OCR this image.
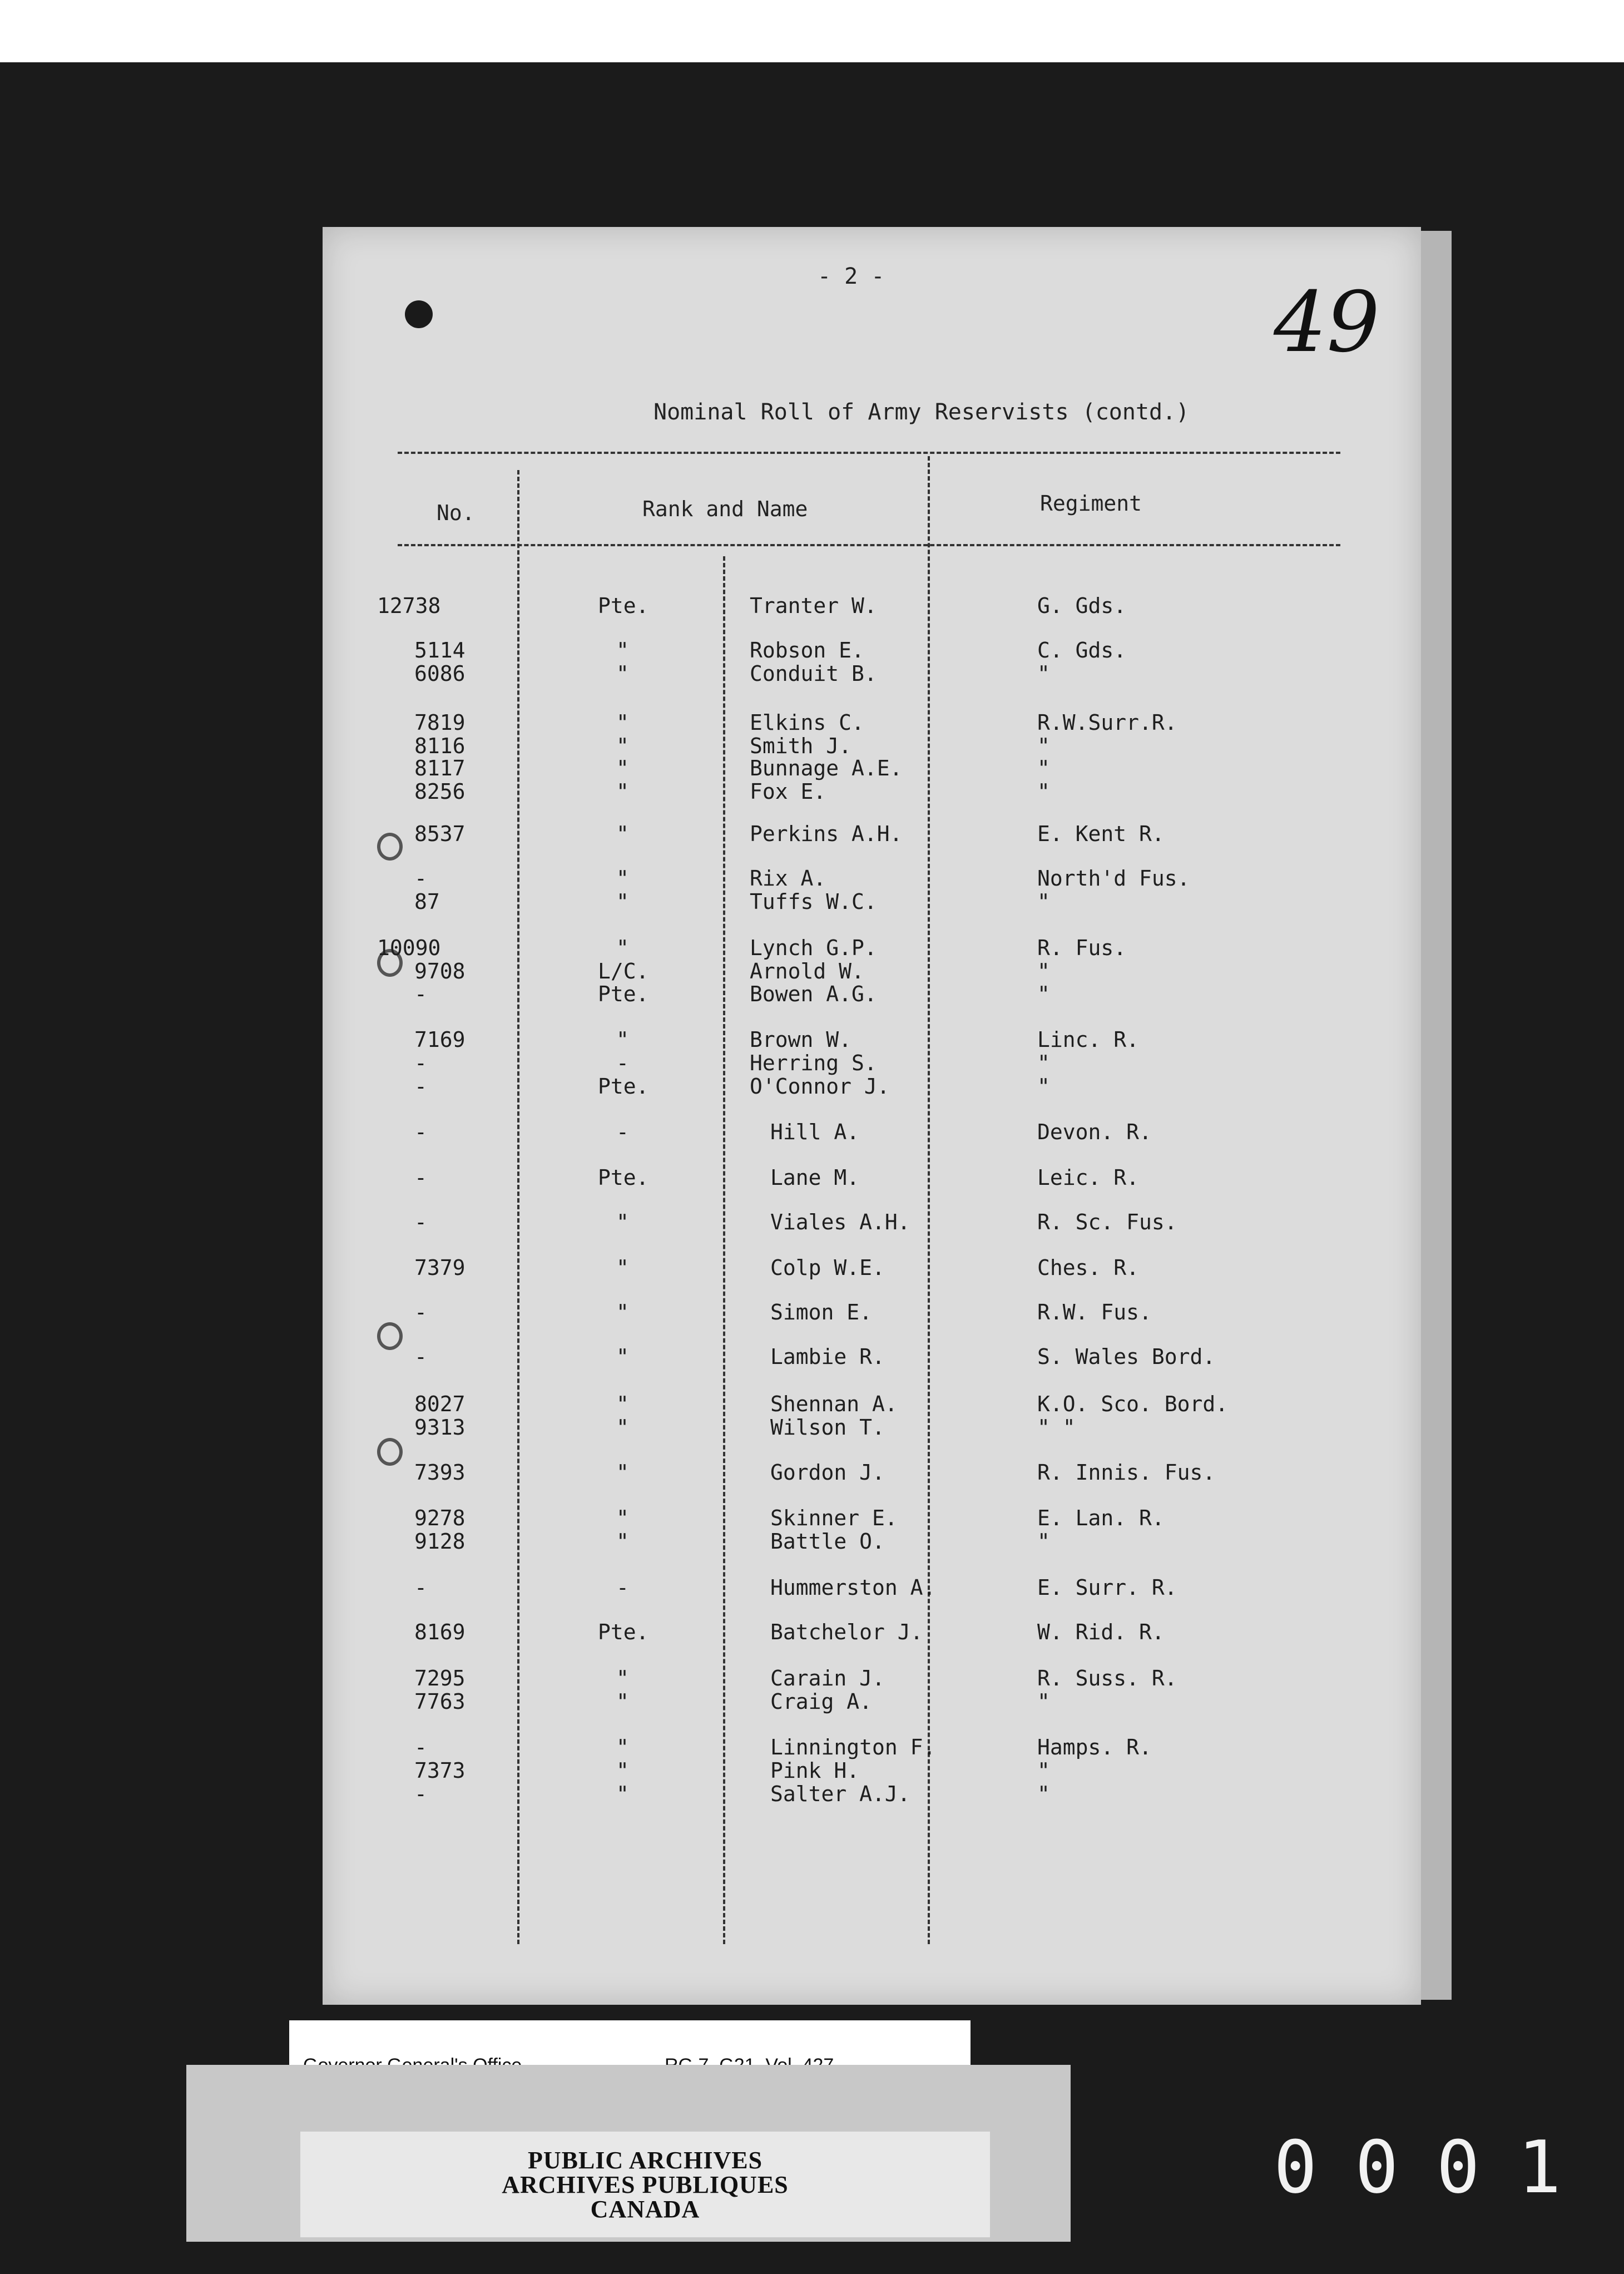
- 2 -	49
Nominal Roll of Army Reservists (contd.)
No.	Rank and Name	Regiment
12738	Pte.	Tranter W.	G. Gds.
5114	"	Robson E.	C. Gds.
6086	"	Conduit B.	"
7819	"	Elkins C.	R.W.Surr.R.
8116	"	Smith J.	"
8117	"	Bunnage A.E.	"
8256	"	Fox E.	"
8537	"	Perkins A.H.	E. Kent R.
-	"	Rix A.	North'd Fus.
87	"	Tuffs W.C.	"
10090	"	Lynch G.P.	R. Fus.
9708	L/C.	Arnold W.	"
-	Pte.	Bowen A.G.	"
7169	"	Brown W.	Linc. R.
-	-	Herring S.	"
-	Pte.	O'Connor J.	"
-	-	Hill A.	Devon. R.
-	Pte.	Lane M.	Leic. R.
-	"	Viales A.H.	R. Sc. Fus.
7379	"	Colp W.E.	Ches. R.
-	"	Simon E.	R.W. Fus.
-	"	Lambie R.	S. Wales Bord.
8027	"	Shennan A.	K.O. Sco. Bord.
9313	"	Wilson T.	" "
7393	"	Gordon J.	R. Innis. Fus.
9278	"	Skinner E.	E. Lan. R.
9128	"	Battle O.	"
-	-	Hummerston A.	E. Surr. R.
8169	Pte.	Batchelor J.	W. Rid. R.
7295	"	Carain J.	R. Suss. R.
7763	"	Craig A.	"
-	"	Linnington F.	Hamps. R.
7373	"	Pink H.	"
-	"	Salter A.J.	"
PUBLIC ARCHIVES
ARCHIVES PUBLIQUES
CANADA	0001
